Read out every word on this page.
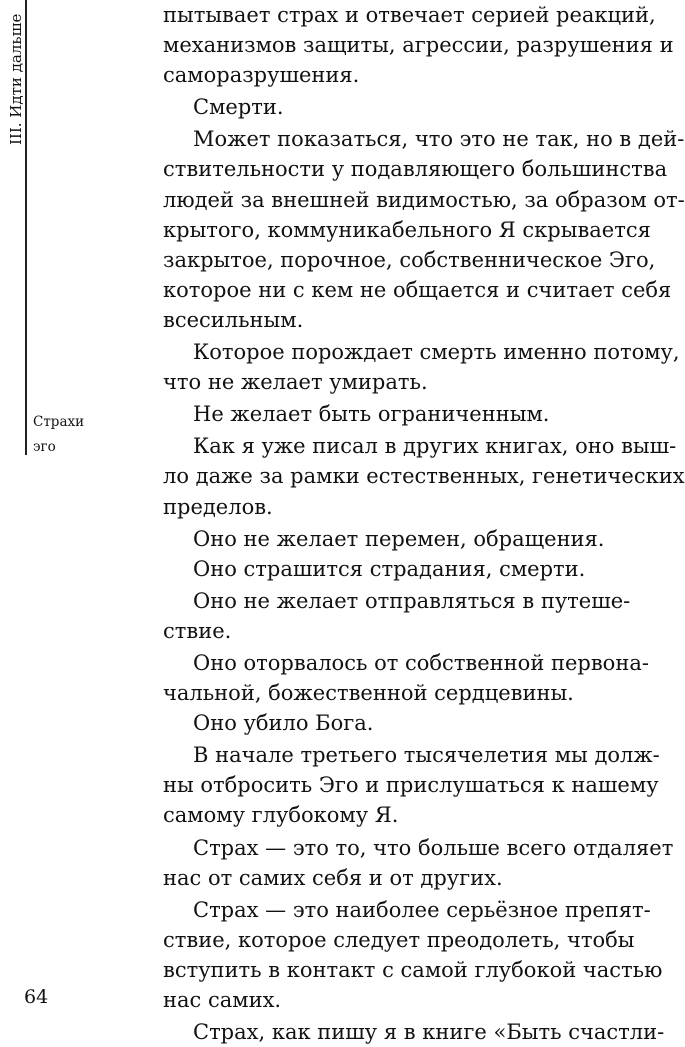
III. Идти дальше
Страхи
эго
64
пытывает страх и отвечает серией реакций,
механизмов защиты, агрессии, разрушения и
саморазрушения.
Смерти.
Может показаться, что это не так, но в дей-
ствительности у подавляющего большинства
людей за внешней видимостью, за образом от-
крытого, коммуникабельного Я скрывается
закрытое, порочное, собственническое Эго,
которое ни с кем не общается и считает себя
всесильным.
Которое порождает смерть именно потому,
что не желает умирать.
Не желает быть ограниченным.
Как я уже писал в других книгах, оно выш-
ло даже за рамки естественных, генетических
пределов.
Оно не желает перемен, обращения.
Оно страшится страдания, смерти.
Оно не желает отправляться в путеше-
ствие.
Оно оторвалось от собственной первона-
чальной, божественной сердцевины.
Оно убило Бога.
В начале третьего тысячелетия мы долж-
ны отбросить Эго и прислушаться к нашему
самому глубокому Я.
Страх — это то, что больше всего отдаляет
нас от самих себя и от других.
Страх — это наиболее серьёзное препят-
ствие, которое следует преодолеть, чтобы
вступить в контакт с самой глубокой частью
нас самих.
Страх, как пишу я в книге «Быть счастли-
